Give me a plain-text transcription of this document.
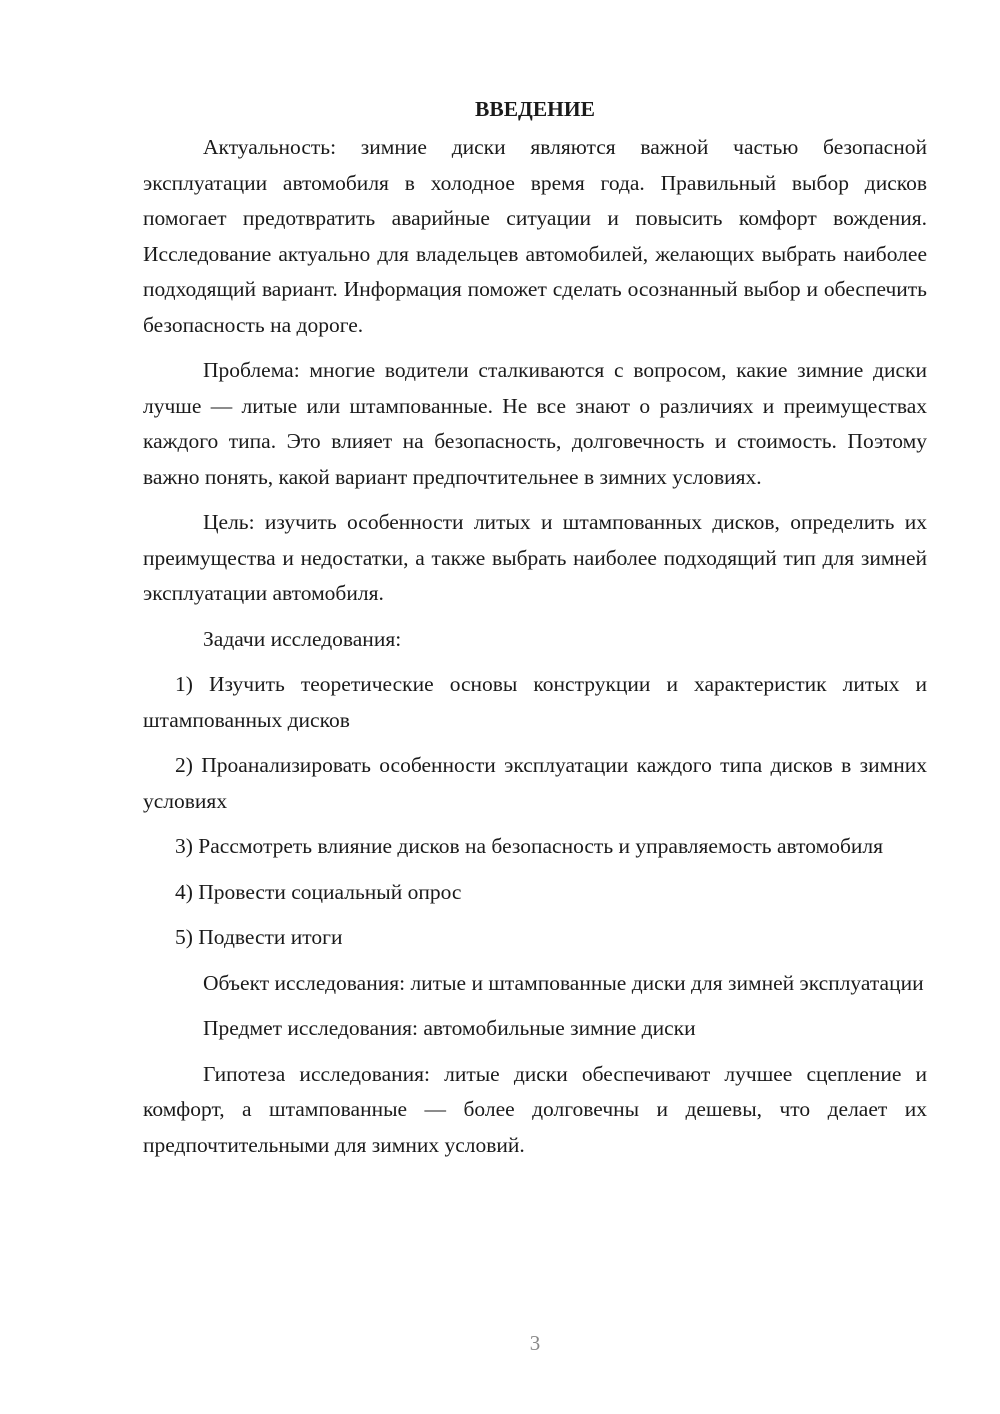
ВВЕДЕНИЕ

Актуальность: зимние диски являются важной частью безопасной эксплуатации автомобиля в холодное время года. Правильный выбор дисков помогает предотвратить аварийные ситуации и повысить комфорт вождения. Исследование актуально для владельцев автомобилей, желающих выбрать наиболее подходящий вариант. Информация поможет сделать осознанный выбор и обеспечить безопасность на дороге.

Проблема: многие водители сталкиваются с вопросом, какие зимние диски лучше — литые или штампованные. Не все знают о различиях и преимуществах каждого типа. Это влияет на безопасность, долговечность и стоимость. Поэтому важно понять, какой вариант предпочтительнее в зимних условиях.

Цель: изучить особенности литых и штампованных дисков, определить их преимущества и недостатки, а также выбрать наиболее подходящий тип для зимней эксплуатации автомобиля.

Задачи исследования:

1) Изучить теоретические основы конструкции и характеристик литых и штампованных дисков

2) Проанализировать особенности эксплуатации каждого типа дисков в зимних условиях

3) Рассмотреть влияние дисков на безопасность и управляемость автомобиля

4) Провести социальный опрос

5) Подвести итоги

Объект исследования: литые и штампованные диски для зимней эксплуатации

Предмет исследования: автомобильные зимние диски

Гипотеза исследования: литые диски обеспечивают лучшее сцепление и комфорт, а штампованные — более долговечны и дешевы, что делает их предпочтительными для зимних условий.

3
